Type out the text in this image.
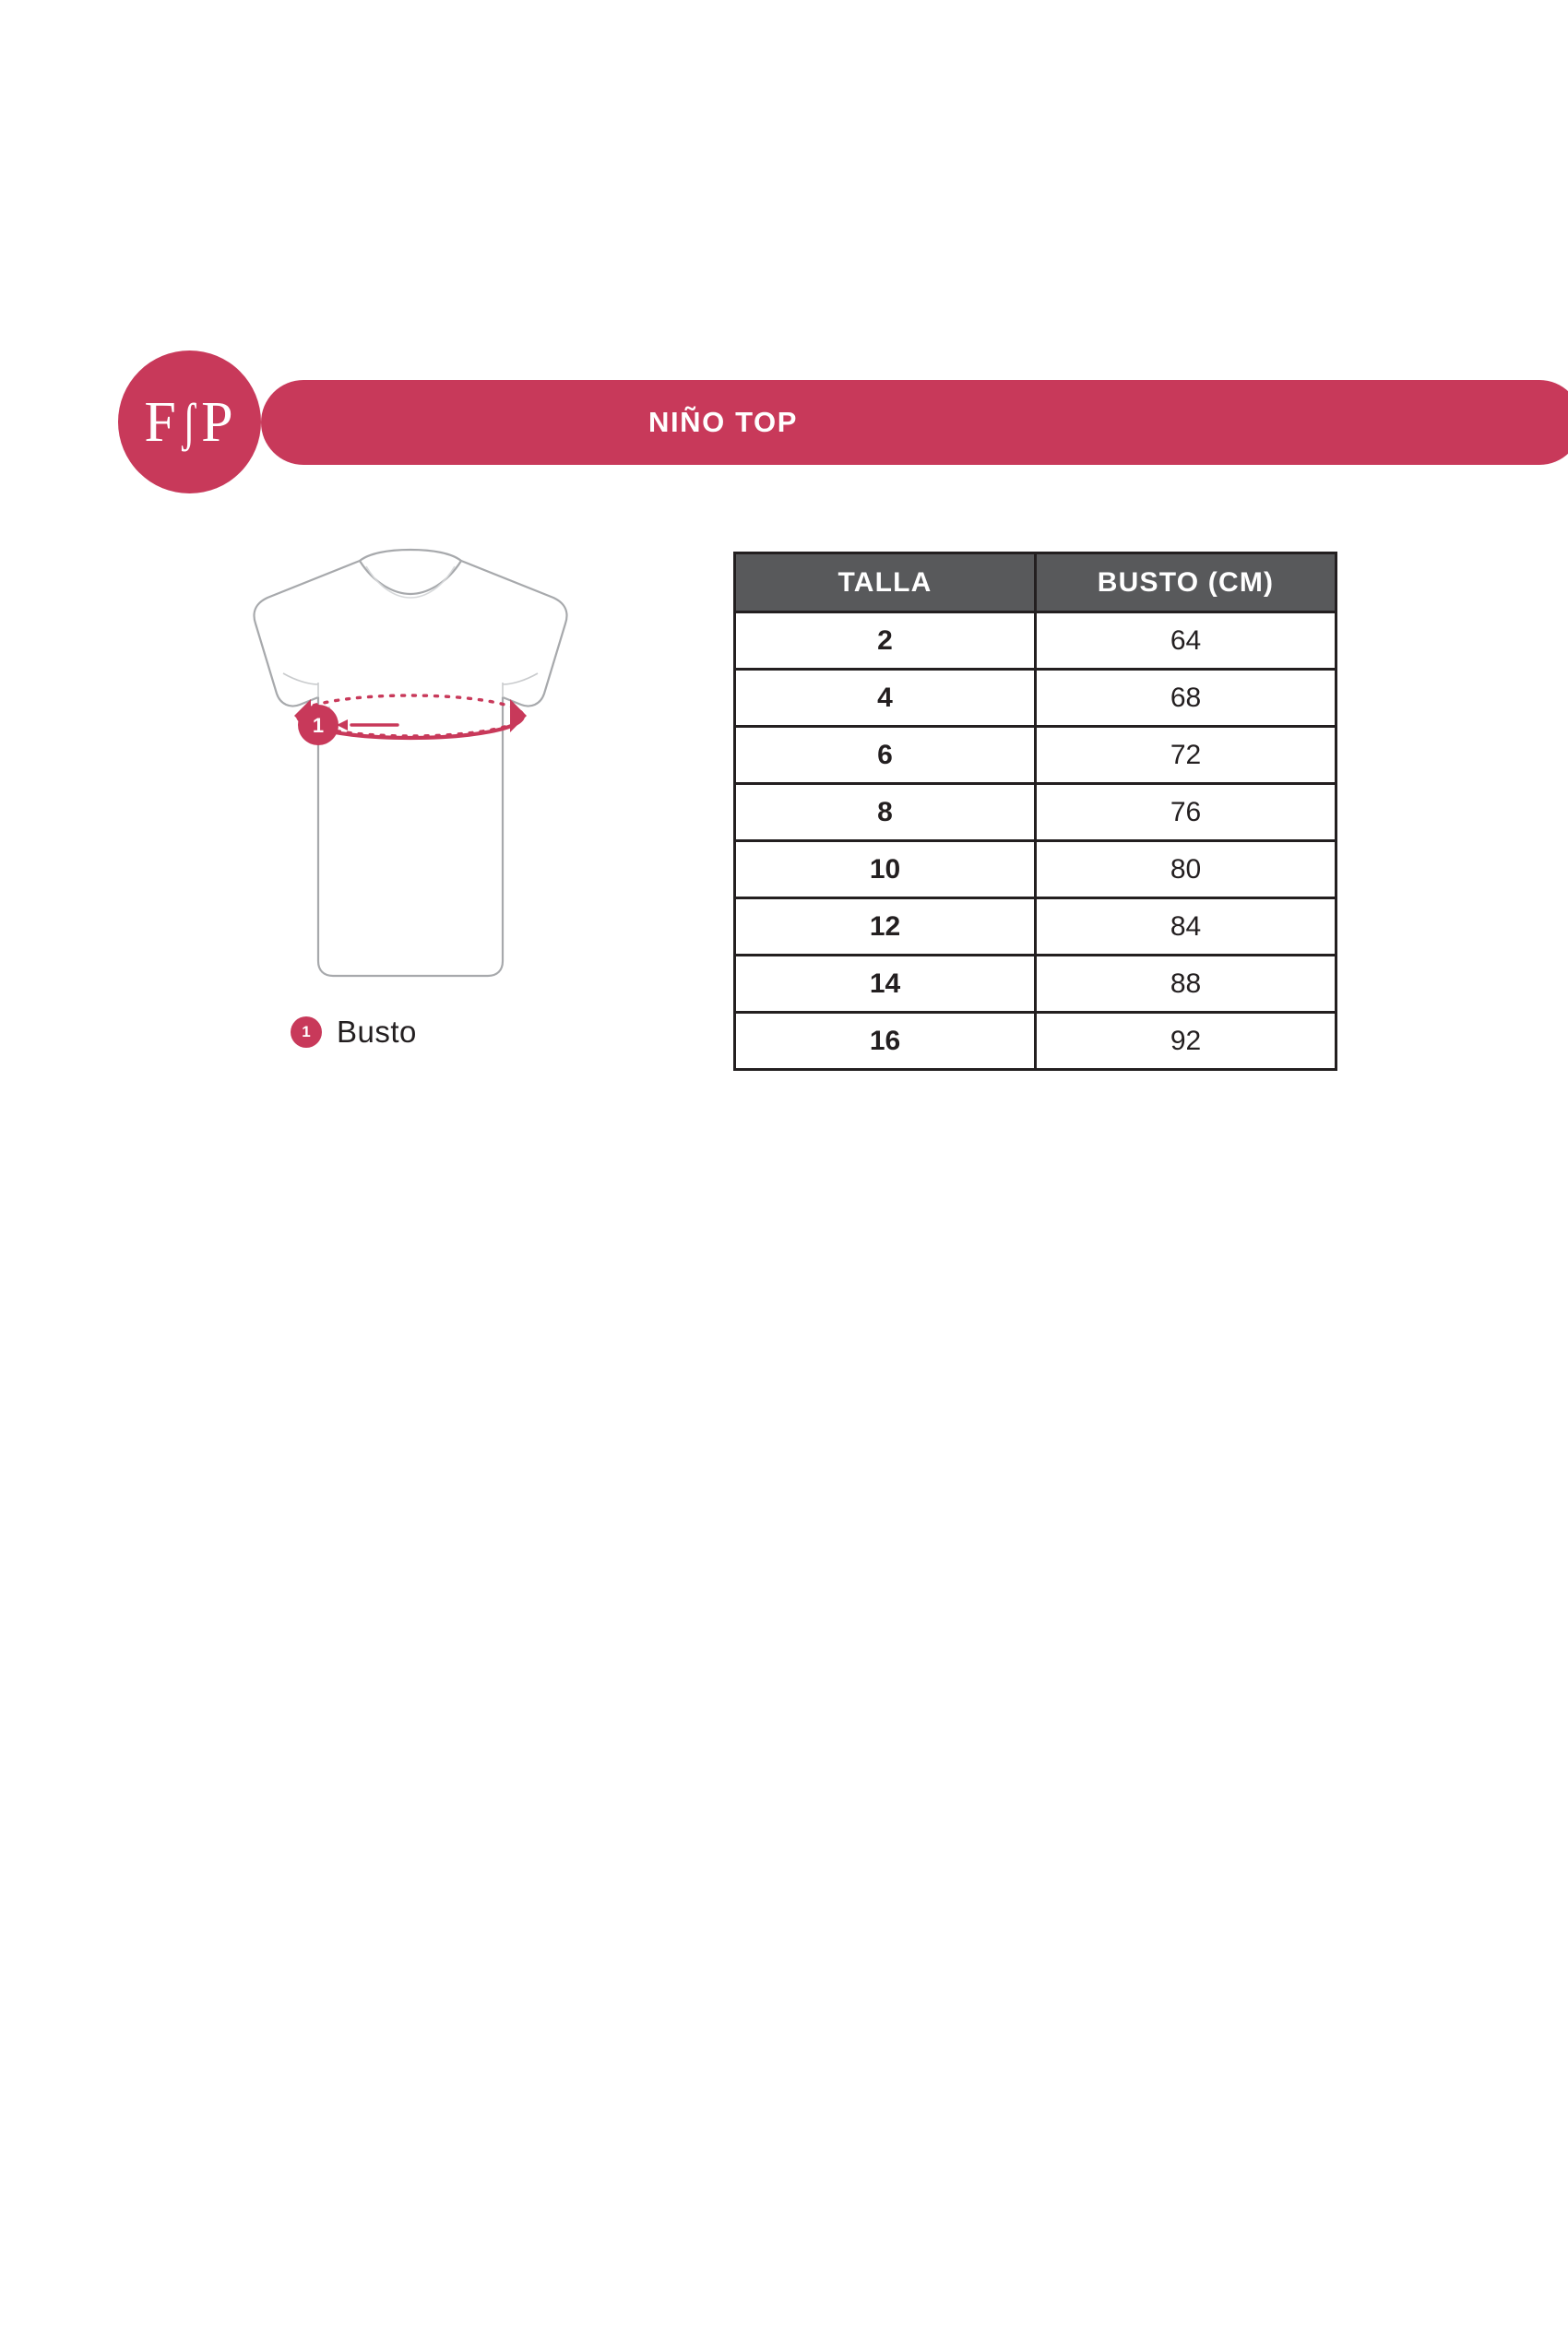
NIÑO TOP
F ʃ P
1
1 Busto
TALLA	BUSTO (CM)
2	64
4	68
6	72
8	76
10	80
12	84
14	88
16	92
